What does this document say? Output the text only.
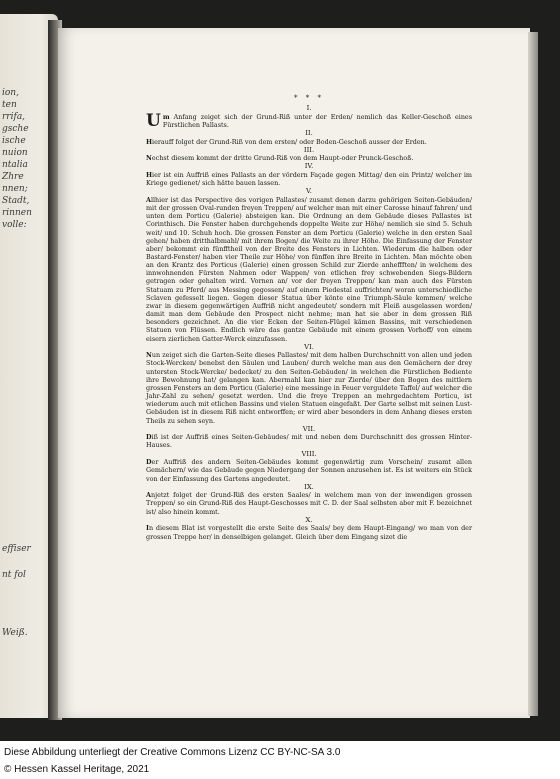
ion,
ten
rrifa,
gsche
ische
nuion
ntalia
Zhre
nnen;
Stadt,
rinnen
volle:
effiser
nt fol
Weiß.
* * *
I.

Um Anfang zeiget sich der Grund-Riß unter der Erden/ nemlich das Keller-Geschoß eines Fürstlichen Pallasts.

II.

Hierauff folget der Grund-Riß von dem ersten/ oder Boden-Geschoß ausser der Erden.

III.

Nechst diesem kommt der dritte Grund-Riß von dem Haupt-oder Prunck-Geschoß.

IV.

Hier ist ein Auffriß eines Pallasts an der vördern Façade gegen Mittag/ den ein Printz/ welcher im Kriege gedienet/ sich hätte bauen lassen.

V.

Allhier ist das Perspective des vorigen Pallastes/ zusamt denen darzu gehörigen Seiten-Gebäuden/ mit der grossen Oval-runden freyen Treppen/ auf welcher man mit einer Carosse hinauf fahren/ und unten dem Porticu (Galerie) absteigen kan. Die Ordnung an dem Gebäude dieses Pallastes ist Corinthisch. Die Fenster haben durchgehends doppelte Weite zur Höhe/ nemlich sie sind 5. Schuh weit/ und 10. Schuh hoch. Die grossen Fenster an dem Porticu (Galerie) welche in den ersten Saal gehen/ haben dritthalbmahl/ mit ihrem Bogen/ die Weite zu ihrer Höhe. Die Einfassung der Fenster aber/ bekommt ein fünfftheil von der Breite des Fensters in Lichten. Wiederum die halben oder Bastard-Fenster/ haben vier Theile zur Höhe/ von fünffen ihre Breite in Lichten. Man möchte oben an den Krantz des Porticus (Galerie) einen grossen Schild zur Zierde anheffften/ in welchem des innwohnenden Fürsten Nahmen oder Wappen/ von etlichen frey schwebenden Siegs-Bildern getragen oder gehalten wird. Vornen an/ vor der freyen Treppen/ kan man auch des Fürsten Statuam zu Pferd/ aus Messing gegossen/ auf einem Piedestal auffrichten/ woran unterschiedliche Sclaven gefesselt liegen. Gegen dieser Statua über könte eine Triumph-Säule kommen/ welche zwar in diesem gegenwärtigen Auffriß nicht angedeutet/ sondern mit Fleiß ausgelassen worden/ damit man dem Gebäude den Prospect nicht nehme; man hat sie aber in dem grossen Riß besonders gezeichnet. An die vier Ecken der Seiten-Flügel kämen Bassins, mit verschiedenen Statuen von Flüssen. Endlich wäre das gantze Gebäude mit einem grossen Vorhoff/ von einem eisern zierlichen Gatter-Werck einzufassen.

VI.

Nun zeiget sich die Garten-Seite dieses Pallastes/ mit dem halben Durchschnitt von allen und jeden Stock-Wercken/ benebst den Säulen und Lauben/ durch welche man aus den Gemächern der drey untersten Stock-Wercke/ bedecket/ zu den Seiten-Gebäuden/ in welchen die Fürstlichen Bediente ihre Bewohnung hat/ gelangen kan. Abermahl kan hier zur Zierde/ über den Bogen des mittlern grossen Fensters an dem Porticu (Galerie) eine messinge in Feuer verguldete Taffel/ auf welcher die Jahr-Zahl zu sehen/ gesetzt werden. Und die freye Treppen an mehrgedachtem Porticu, ist wiederum auch mit etlichen Bassins und vielen Statuen eingefaßt. Der Garte selbst mit seinen Lust-Gebäuden ist in diesem Riß nicht entworffen; er wird aber besonders in dem Anhang dieses ersten Theils zu sehen seyn.

VII.

Diß ist der Auffriß eines Seiten-Gebäudes/ mit und neben dem Durchschnitt des grossen Hinter-Hauses.

VIII.

Der Auffriß des andern Seiten-Gebäudes kommt gegenwärtig zum Vorschein/ zusamt allen Gemächern/ wie das Gebäude gegen Niedergang der Sonnen anzusehen ist. Es ist weiters ein Stück von der Einfassung des Gartens angedeutet.

IX.

Anjetzt folget der Grund-Riß des ersten Saales/ in welchem man von der inwendigen grossen Treppen/ so ein Grund-Riß des Haupt-Geschosses mit C. D. der Saal selbsten aber mit F. bezeichnet ist/ also hinein kommt.

X.

In diesem Blat ist vorgestellt die erste Seite des Saals/ bey dem Haupt-Eingang/ wo man von der grossen Treppe her/ in denselbigen gelanget. Gleich über dem Eingang sizet die

Diese Abbildung unterliegt der Creative Commons Lizenz CC BY-NC-SA 3.0
© Hessen Kassel Heritage, 2021
